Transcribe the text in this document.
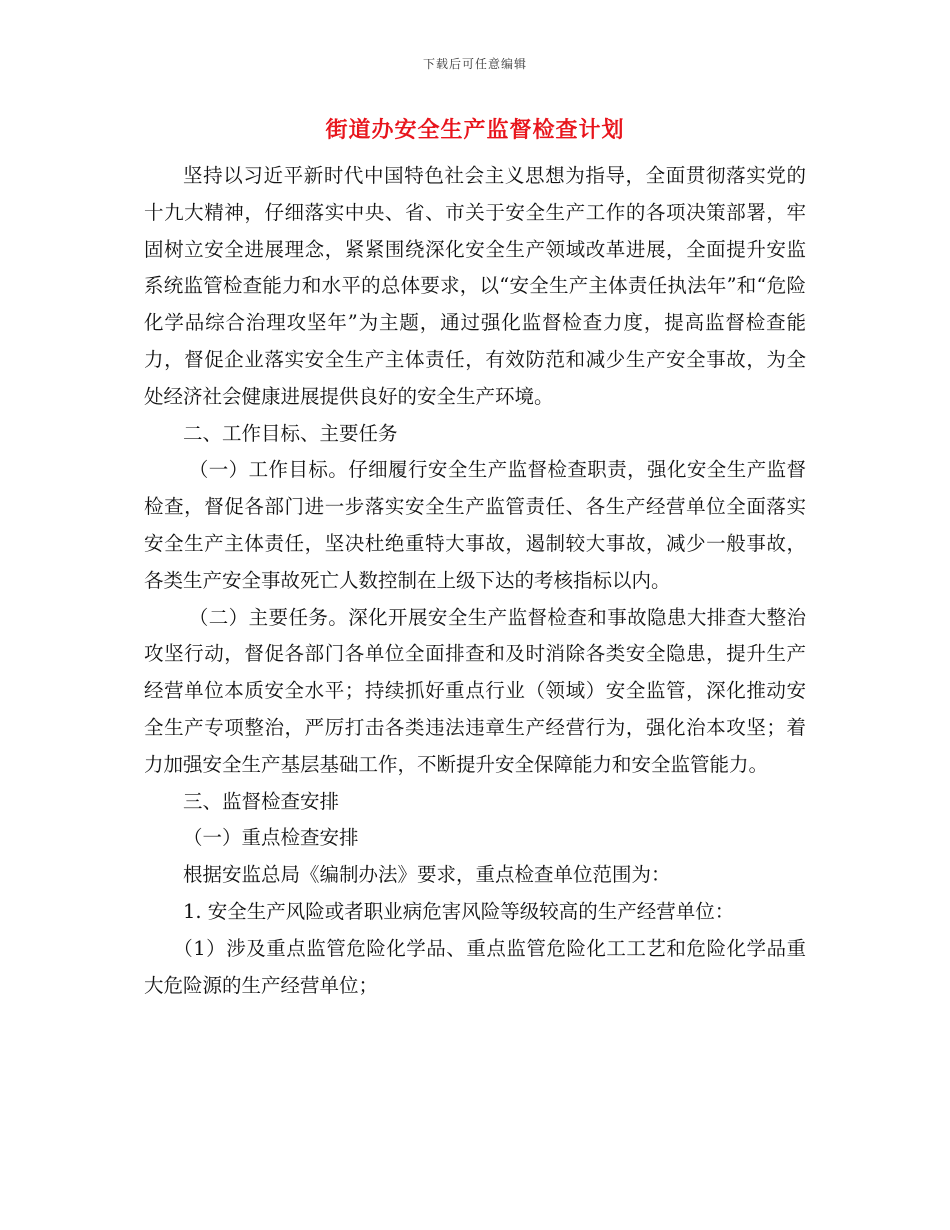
下载后可任意编辑
街道办安全生产监督检查计划

坚持以习近平新时代中国特色社会主义思想为指导，全面贯彻落实党的十九大精神，仔细落实中央、省、市关于安全生产工作的各项决策部署，牢固树立安全进展理念，紧紧围绕深化安全生产领域改革进展，全面提升安监系统监管检查能力和水平的总体要求，以“安全生产主体责任执法年”和“危险化学品综合治理攻坚年”为主题，通过强化监督检查力度，提高监督检查能力，督促企业落实安全生产主体责任，有效防范和减少生产安全事故，为全处经济社会健康进展提供良好的安全生产环境。

二、工作目标、主要任务

（一）工作目标。仔细履行安全生产监督检查职责，强化安全生产监督检查，督促各部门进一步落实安全生产监管责任、各生产经营单位全面落实安全生产主体责任，坚决杜绝重特大事故，遏制较大事故，减少一般事故，各类生产安全事故死亡人数控制在上级下达的考核指标以内。

（二）主要任务。深化开展安全生产监督检查和事故隐患大排查大整治攻坚行动，督促各部门各单位全面排查和及时消除各类安全隐患，提升生产经营单位本质安全水平；持续抓好重点行业（领域）安全监管，深化推动安全生产专项整治，严厉打击各类违法违章生产经营行为，强化治本攻坚；着力加强安全生产基层基础工作，不断提升安全保障能力和安全监管能力。

三、监督检查安排

（一）重点检查安排

根据安监总局《编制办法》要求，重点检查单位范围为：

1. 安全生产风险或者职业病危害风险等级较高的生产经营单位：

（1）涉及重点监管危险化学品、重点监管危险化工工艺和危险化学品重大危险源的生产经营单位；
